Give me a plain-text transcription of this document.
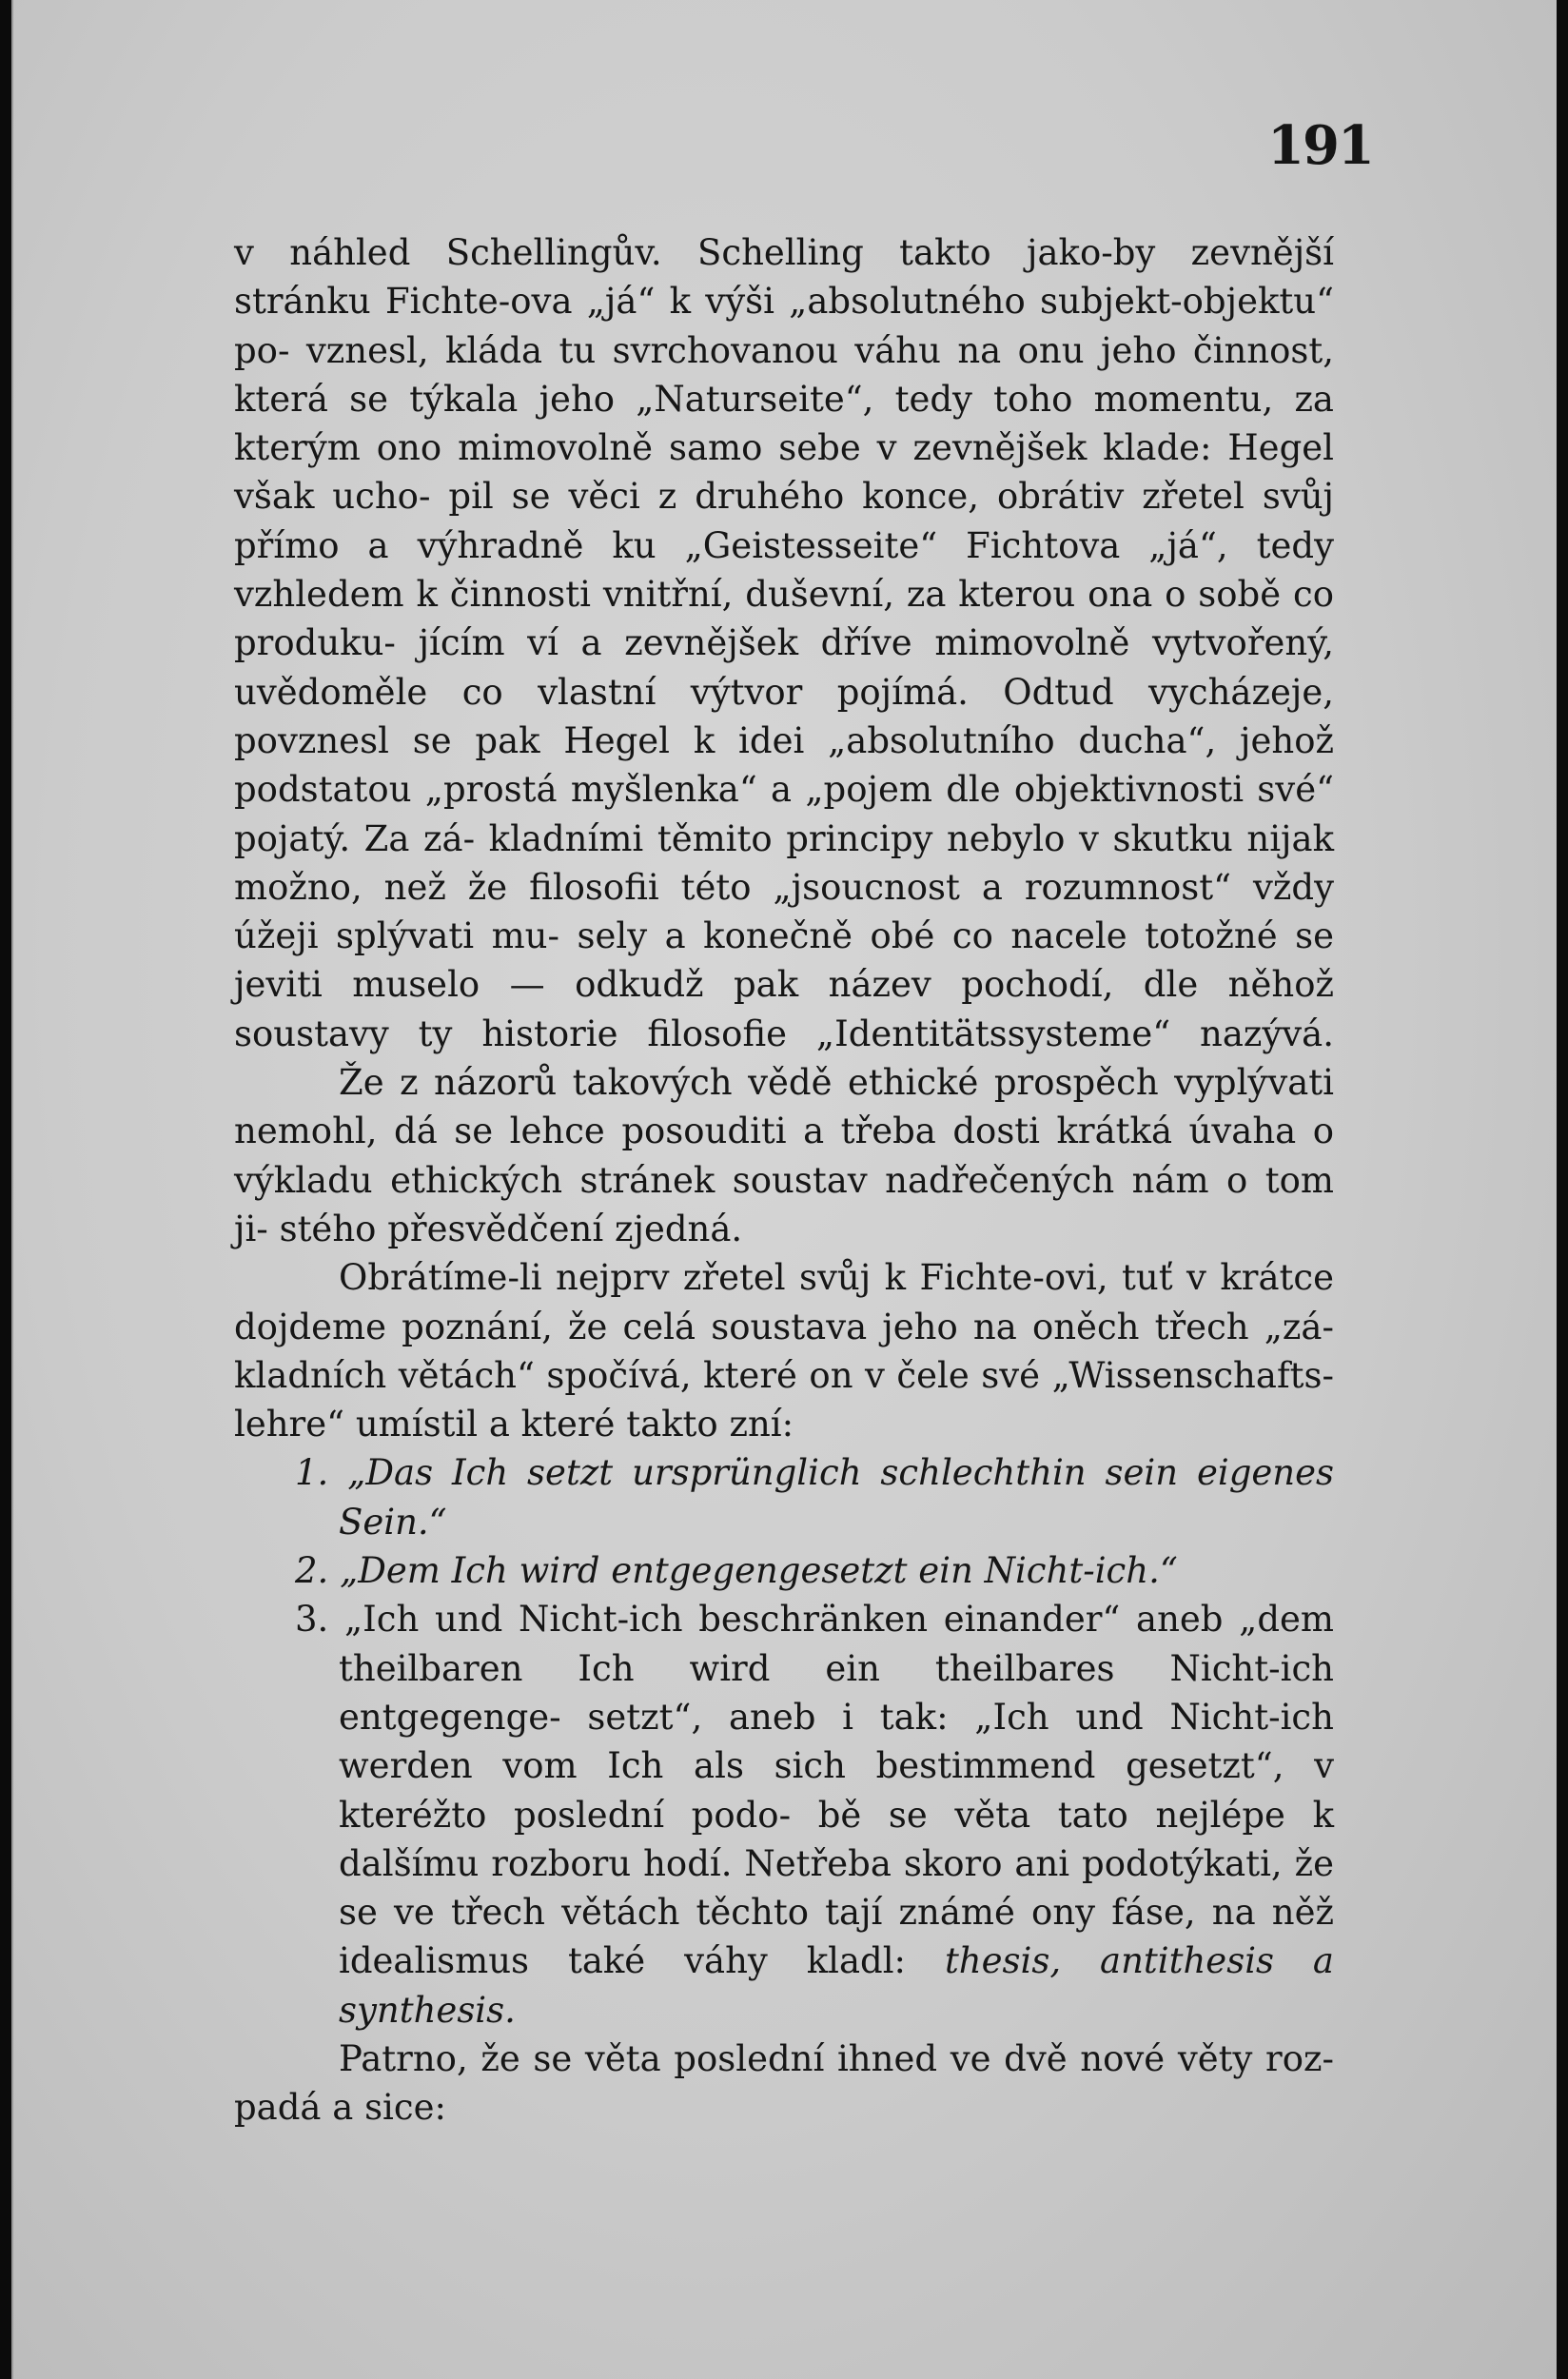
191

v náhled Schellingův. Schelling takto jako-by zevnější stránku Fichte-ova „já“ k výši „absolutného subjekt-objektu“ po- vznesl, kláda tu svrchovanou váhu na onu jeho činnost, která se týkala jeho „Naturseite“, tedy toho momentu, za kterým ono mimovolně samo sebe v zevnějšek klade: Hegel však ucho- pil se věci z druhého konce, obrátiv zřetel svůj přímo a výhradně ku „Geistesseite“ Fichtova „já“, tedy vzhledem k činnosti vnitřní, duševní, za kterou ona o sobě co produku- jícím ví a zevnějšek dříve mimovolně vytvořený, uvědoměle co vlastní výtvor pojímá. Odtud vycházeje, povznesl se pak Hegel k idei „absolutního ducha“, jehož podstatou „prostá myšlenka“ a „pojem dle objektivnosti své“ pojatý. Za zá- kladními těmito principy nebylo v skutku nijak možno, než že filosofii této „jsoucnost a rozumnost“ vždy úžeji splývati mu- sely a konečně obé co nacele totožné se jeviti muselo — odkudž pak název pochodí, dle něhož soustavy ty historie filosofie „Identitätssysteme“ nazývá.

Že z názorů takových vědě ethické prospěch vyplývati nemohl, dá se lehce posouditi a třeba dosti krátká úvaha o výkladu ethických stránek soustav nadřečených nám o tom ji- stého přesvědčení zjedná.

Obrátíme-li nejprv zřetel svůj k Fichte-ovi, tuť v krátce dojdeme poznání, že celá soustava jeho na oněch třech „zá- kladních větách“ spočívá, které on v čele své „Wissenschafts- lehre“ umístil a které takto zní:

1. „Das Ich setzt ursprünglich schlechthin sein eigenes Sein.“

2. „Dem Ich wird entgegengesetzt ein Nicht-ich.“

3. „Ich und Nicht-ich beschränken einander“ aneb „dem theilbaren Ich wird ein theilbares Nicht-ich entgegenge- setzt“, aneb i tak: „Ich und Nicht-ich werden vom Ich als sich bestimmend gesetzt“, v kteréžto poslední podo- bě se věta tato nejlépe k dalšímu rozboru hodí. Netřeba skoro ani podotýkati, že se ve třech větách těchto tají známé ony fáse, na něž idealismus také váhy kladl: thesis, antithesis a synthesis.

Patrno, že se věta poslední ihned ve dvě nové věty roz- padá a sice:
